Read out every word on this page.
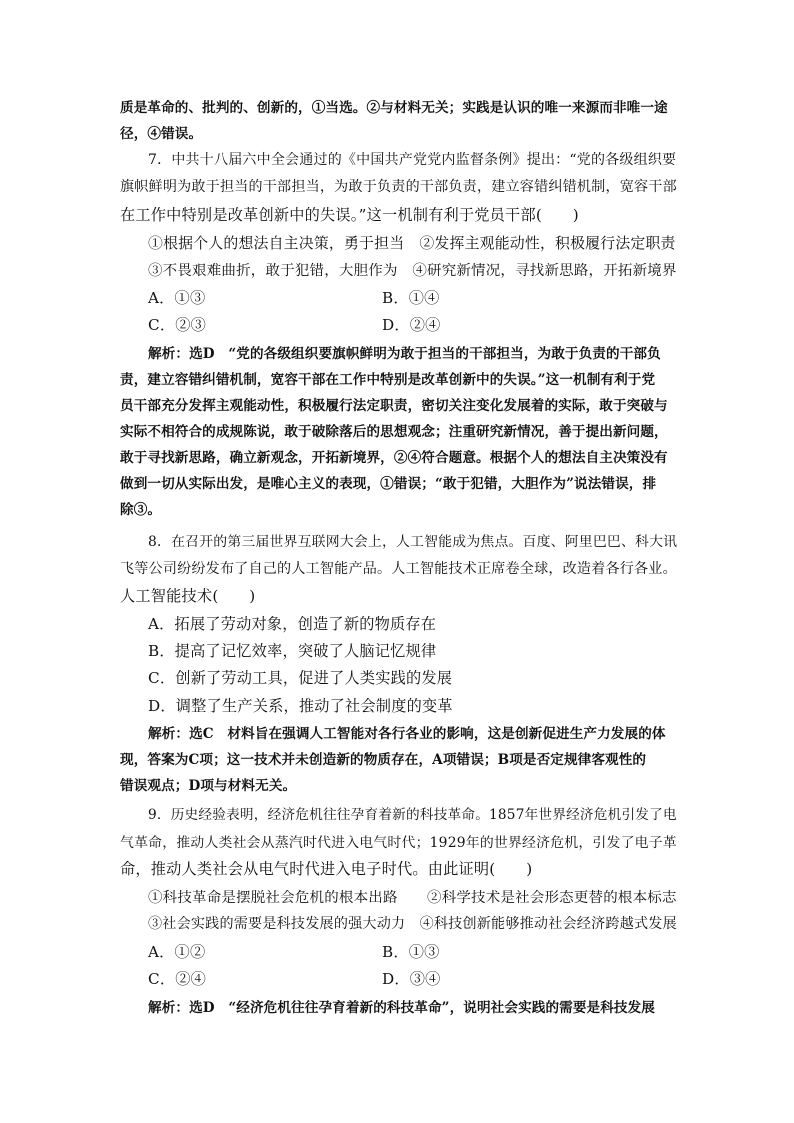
质是革命的、批判的、创新的，①当选。②与材料无关；实践是认识的唯一来源而非唯一途
径，④错误。
7．中共十八届六中全会通过的《中国共产党党内监督条例》提出：“党的各级组织要
旗帜鲜明为敢于担当的干部担当，为敢于负责的干部负责，建立容错纠错机制，宽容干部
在工作中特别是改革创新中的失误。”这一机制有利于党员干部(　　)
①根据个人的想法自主决策，勇于担当　②发挥主观能动性，积极履行法定职责
③不畏艰难曲折，敢于犯错，大胆作为　④研究新情况，寻找新思路，开拓新境界
A．①③	B．①④
C．②③	D．②④
解析：选D　“党的各级组织要旗帜鲜明为敢于担当的干部担当，为敢于负责的干部负
责，建立容错纠错机制，宽容干部在工作中特别是改革创新中的失误。”这一机制有利于党
员干部充分发挥主观能动性，积极履行法定职责，密切关注变化发展着的实际，敢于突破与
实际不相符合的成规陈说，敢于破除落后的思想观念；注重研究新情况，善于提出新问题，
敢于寻找新思路，确立新观念，开拓新境界，②④符合题意。根据个人的想法自主决策没有
做到一切从实际出发，是唯心主义的表现，①错误；“敢于犯错，大胆作为”说法错误，排
除③。
8．在召开的第三届世界互联网大会上，人工智能成为焦点。百度、阿里巴巴、科大讯
飞等公司纷纷发布了自己的人工智能产品。人工智能技术正席卷全球，改造着各行各业。
人工智能技术(　　)
A．拓展了劳动对象，创造了新的物质存在
B．提高了记忆效率，突破了人脑记忆规律
C．创新了劳动工具，促进了人类实践的发展
D．调整了生产关系，推动了社会制度的变革
解析：选C　材料旨在强调人工智能对各行各业的影响，这是创新促进生产力发展的体
现，答案为C项；这一技术并未创造新的物质存在，A项错误；B项是否定规律客观性的
错误观点；D项与材料无关。
9．历史经验表明，经济危机往往孕育着新的科技革命。1857年世界经济危机引发了电
气革命，推动人类社会从蒸汽时代进入电气时代；1929年的世界经济危机，引发了电子革
命，推动人类社会从电气时代进入电子时代。由此证明(　　)
①科技革命是摆脱社会危机的根本出路　　②科学技术是社会形态更替的根本标志
③社会实践的需要是科技发展的强大动力　④科技创新能够推动社会经济跨越式发展
A．①②	B．①③
C．②④	D．③④
解析：选D　“经济危机往往孕育着新的科技革命”，说明社会实践的需要是科技发展
